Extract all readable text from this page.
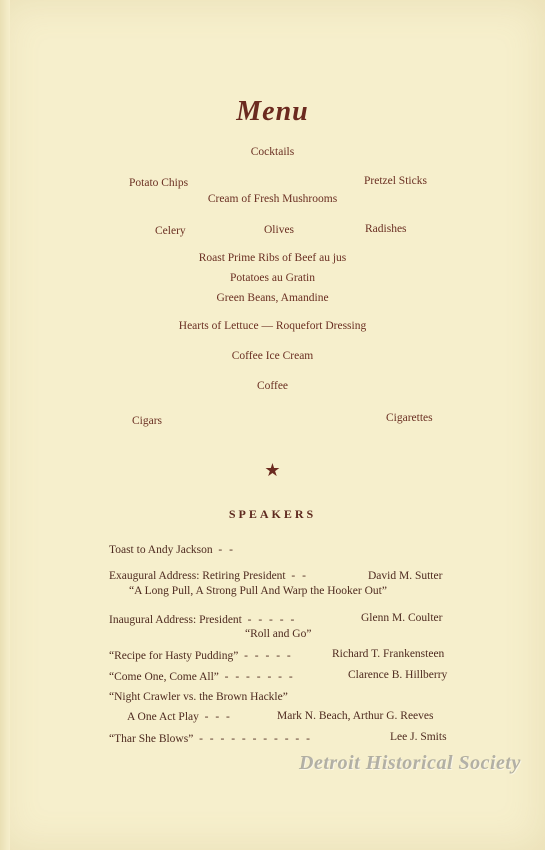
Menu
Cocktails
Potato Chips	Pretzel Sticks
Cream of Fresh Mushrooms
Celery	Olives	Radishes
Roast Prime Ribs of Beef au jus
Potatoes au Gratin
Green Beans, Amandine
Hearts of Lettuce — Roquefort Dressing
Coffee Ice Cream
Coffee
Cigars	Cigarettes
★
SPEAKERS
Toast to Andy Jackson - -
Exaugural Address: Retiring President - -	David M. Sutter
“A Long Pull, A Strong Pull And Warp the Hooker Out”
Inaugural Address: President - - - - -	Glenn M. Coulter
“Roll and Go”
“Recipe for Hasty Pudding” - - - - -	Richard T. Frankensteen
“Come One, Come All” - - - - - - -	Clarence B. Hillberry
“Night Crawler vs. the Brown Hackle”
A One Act Play - - -	Mark N. Beach, Arthur G. Reeves
“Thar She Blows” - - - - - - - - - - -	Lee J. Smits
Detroit Historical Society
